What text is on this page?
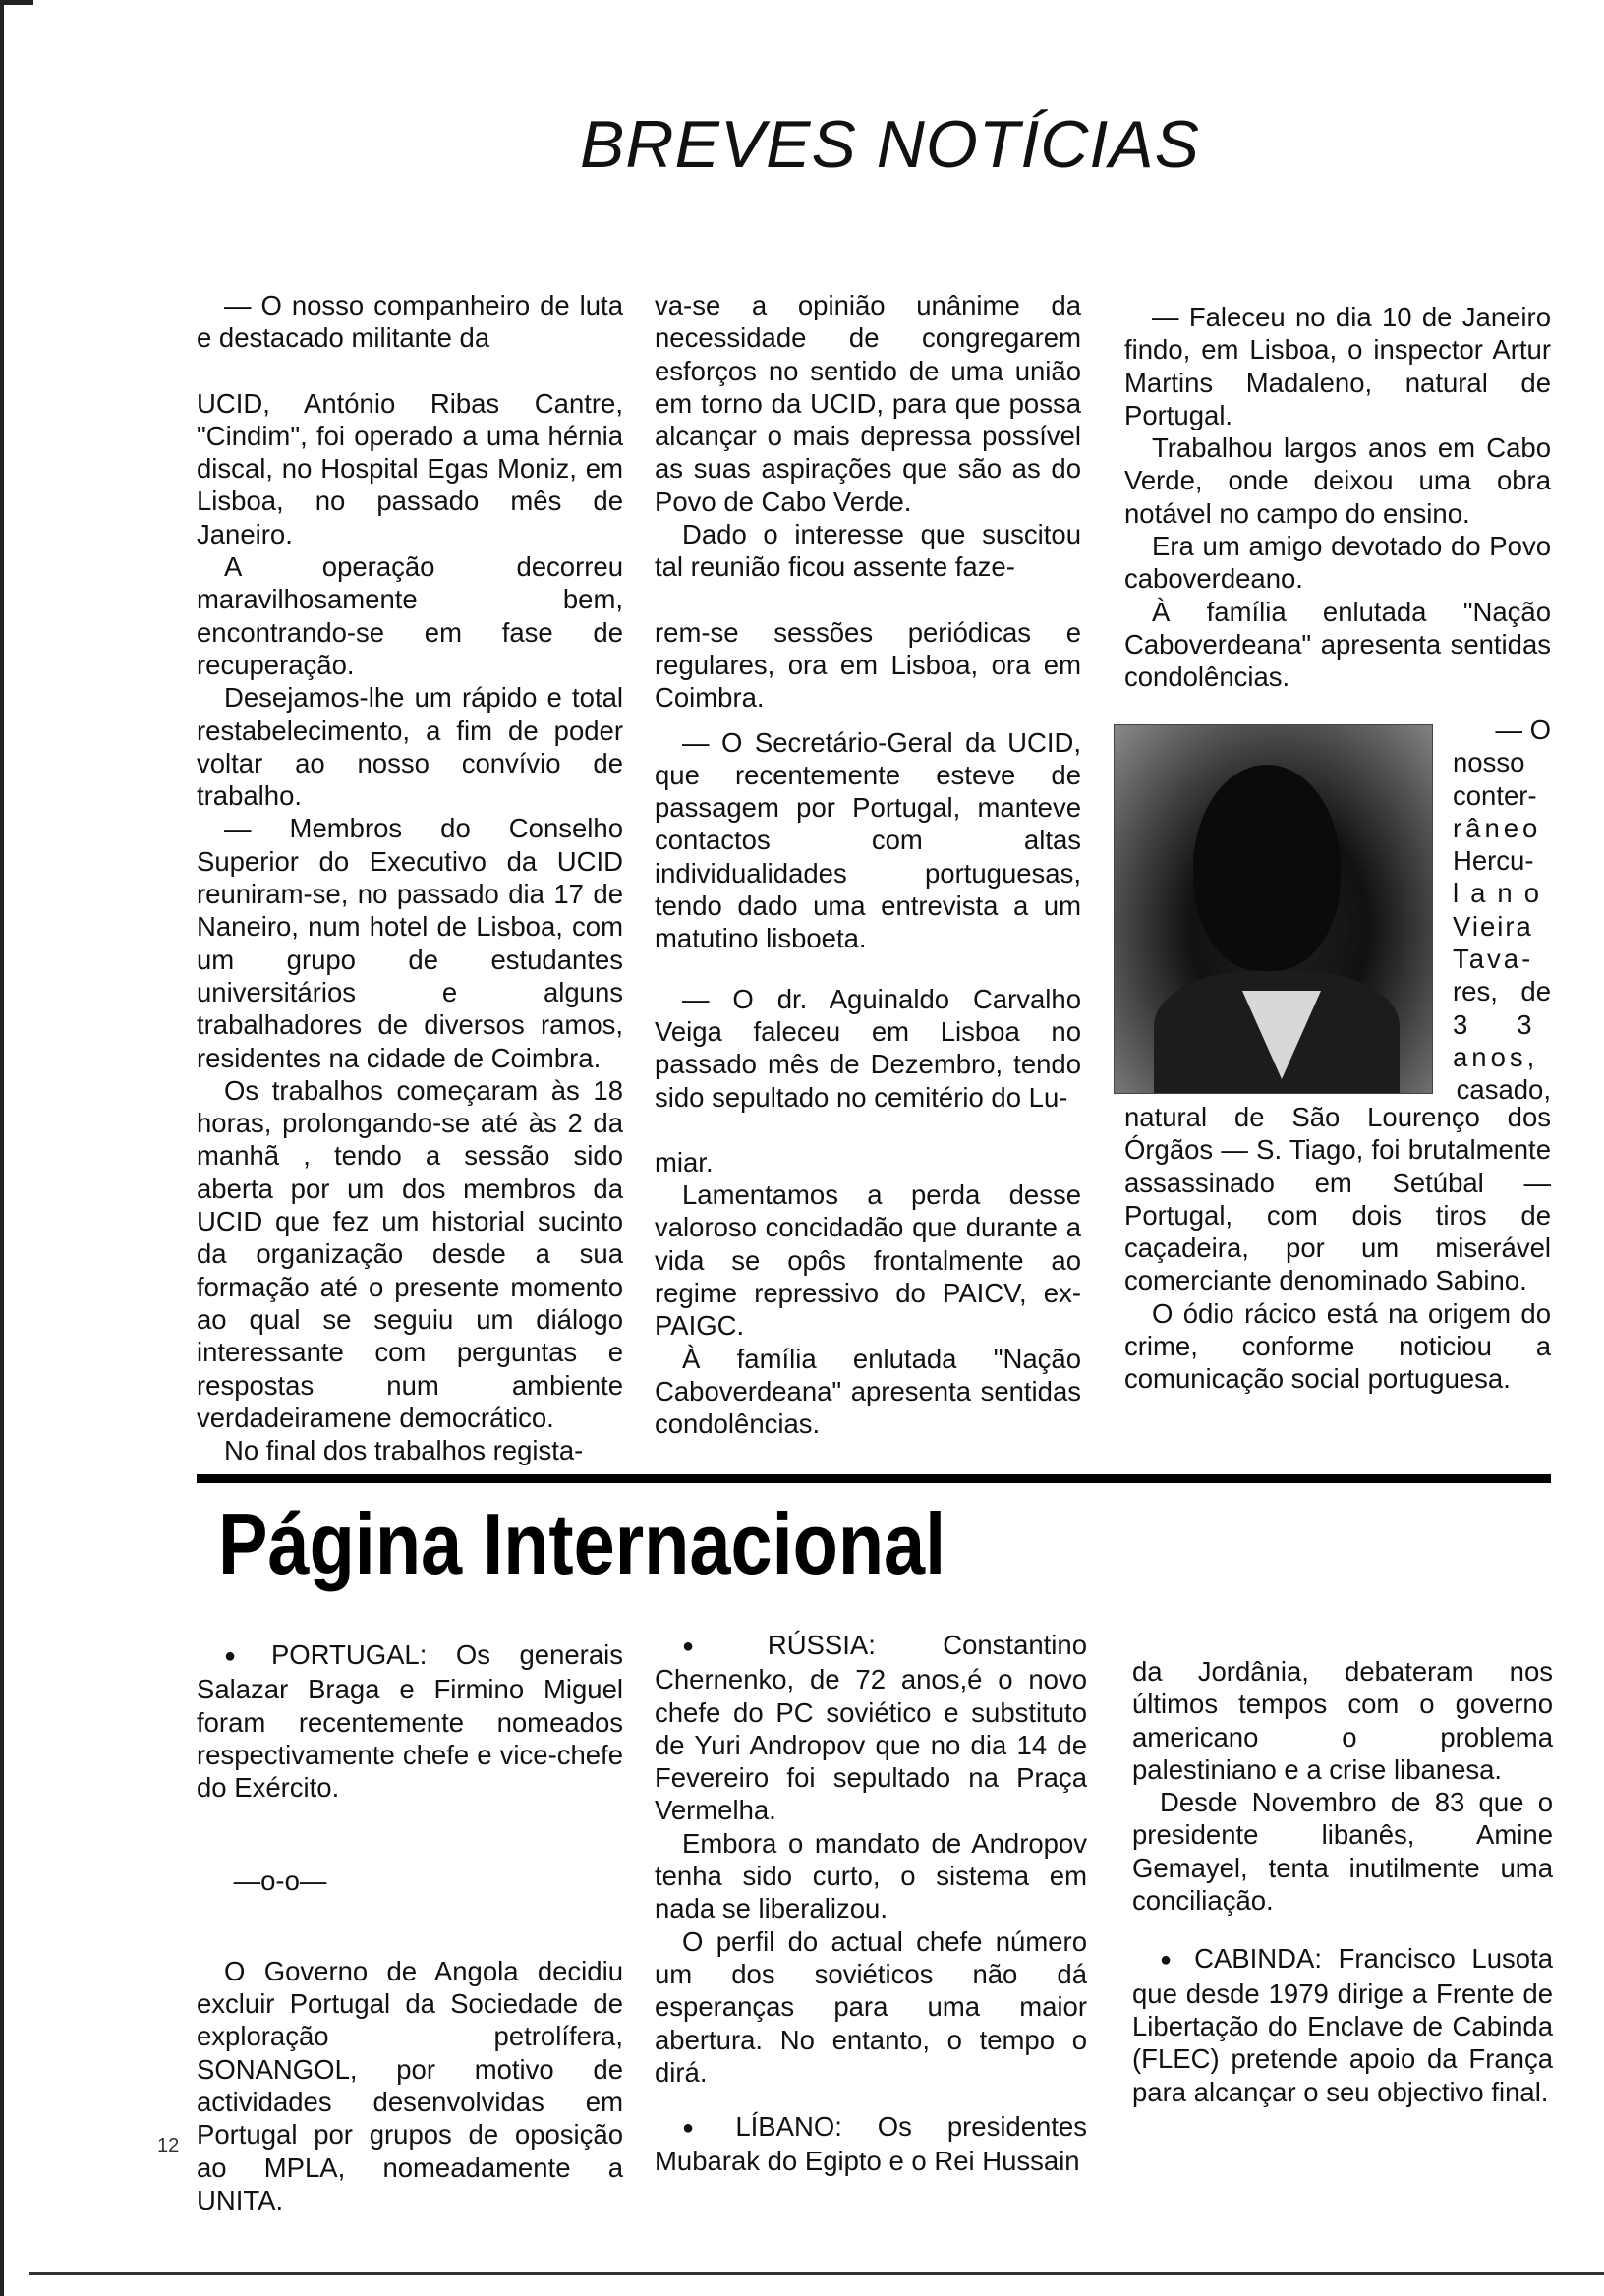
BREVES NOTÍCIAS

— O nosso companheiro de luta e destacado militante da

UCID, António Ribas Cantre, "Cindim", foi operado a uma hérnia discal, no Hospital Egas Moniz, em Lisboa, no passado mês de Janeiro.

A operação decorreu maravilhosamente bem, encontrando-se em fase de recuperação.

Desejamos-lhe um rápido e total restabelecimento, a fim de poder voltar ao nosso convívio de trabalho.

— Membros do Conselho Superior do Executivo da UCID reuniram-se, no passado dia 17 de Naneiro, num hotel de Lisboa, com um grupo de estudantes universitários e alguns trabalhadores de diversos ramos, residentes na cidade de Coimbra.

Os trabalhos começaram às 18 horas, prolongando-se até às 2 da manhã , tendo a sessão sido aberta por um dos membros da UCID que fez um historial sucinto da organização desde a sua formação até o presente momento ao qual se seguiu um diálogo interessante com perguntas e respostas num ambiente verdadeiramene democrático.

No final dos trabalhos regista-

va-se a opinião unânime da necessidade de congregarem esforços no sentido de uma união em torno da UCID, para que possa alcançar o mais depressa possível as suas aspirações que são as do Povo de Cabo Verde.

Dado o interesse que suscitou tal reunião ficou assente faze-

rem-se sessões periódicas e regulares, ora em Lisboa, ora em Coimbra.

— O Secretário-Geral da UCID, que recentemente esteve de passagem por Portugal, manteve contactos com altas individualidades portuguesas, tendo dado uma entrevista a um matutino lisboeta.

— O dr. Aguinaldo Carvalho Veiga faleceu em Lisboa no passado mês de Dezembro, tendo sido sepultado no cemitério do Lu-

miar.

Lamentamos a perda desse valoroso concidadão que durante a vida se opôs frontalmente ao regime repressivo do PAICV, ex-PAIGC.

À família enlutada "Nação Caboverdeana" apresenta sentidas condolências.

— Faleceu no dia 10 de Janeiro findo, em Lisboa, o inspector Artur Martins Madaleno, natural de Portugal.

Trabalhou largos anos em Cabo Verde, onde deixou uma obra notável no campo do ensino.

Era um amigo devotado do Povo caboverdeano.

À família enlutada "Nação Caboverdeana" apresenta sentidas condolências.

— O
nosso
conter-
râneo
Hercu-
lano
Vieira
Tava-
res, de
33
anos,
casado,

natural de São Lourenço dos Órgãos — S. Tiago, foi brutalmente assassinado em Setúbal — Portugal, com dois tiros de caçadeira, por um miserável comerciante denominado Sabino.

O ódio rácico está na origem do crime, conforme noticiou a comunicação social portuguesa.

Página Internacional

● PORTUGAL: Os generais Salazar Braga e Firmino Miguel foram recentemente nomeados respectivamente chefe e vice-chefe do Exército.

—o-o—

O Governo de Angola decidiu excluir Portugal da Sociedade de exploração petrolífera, SONANGOL, por motivo de actividades desenvolvidas em Portugal por grupos de oposição ao MPLA, nomeadamente a UNITA.

● RÚSSIA: Constantino Chernenko, de 72 anos,é o novo chefe do PC soviético e substituto de Yuri Andropov que no dia 14 de Fevereiro foi sepultado na Praça Vermelha.

Embora o mandato de Andropov tenha sido curto, o sistema em nada se liberalizou.

O perfil do actual chefe número um dos soviéticos não dá esperanças para uma maior abertura. No entanto, o tempo o dirá.

● LÍBANO: Os presidentes Mubarak do Egipto e o Rei Hussain

da Jordânia, debateram nos últimos tempos com o governo americano o problema palestiniano e a crise libanesa.

Desde Novembro de 83 que o presidente libanês, Amine Gemayel, tenta inutilmente uma conciliação.

● CABINDA: Francisco Lusota que desde 1979 dirige a Frente de Libertação do Enclave de Cabinda (FLEC) pretende apoio da França para alcançar o seu objectivo final.

12
